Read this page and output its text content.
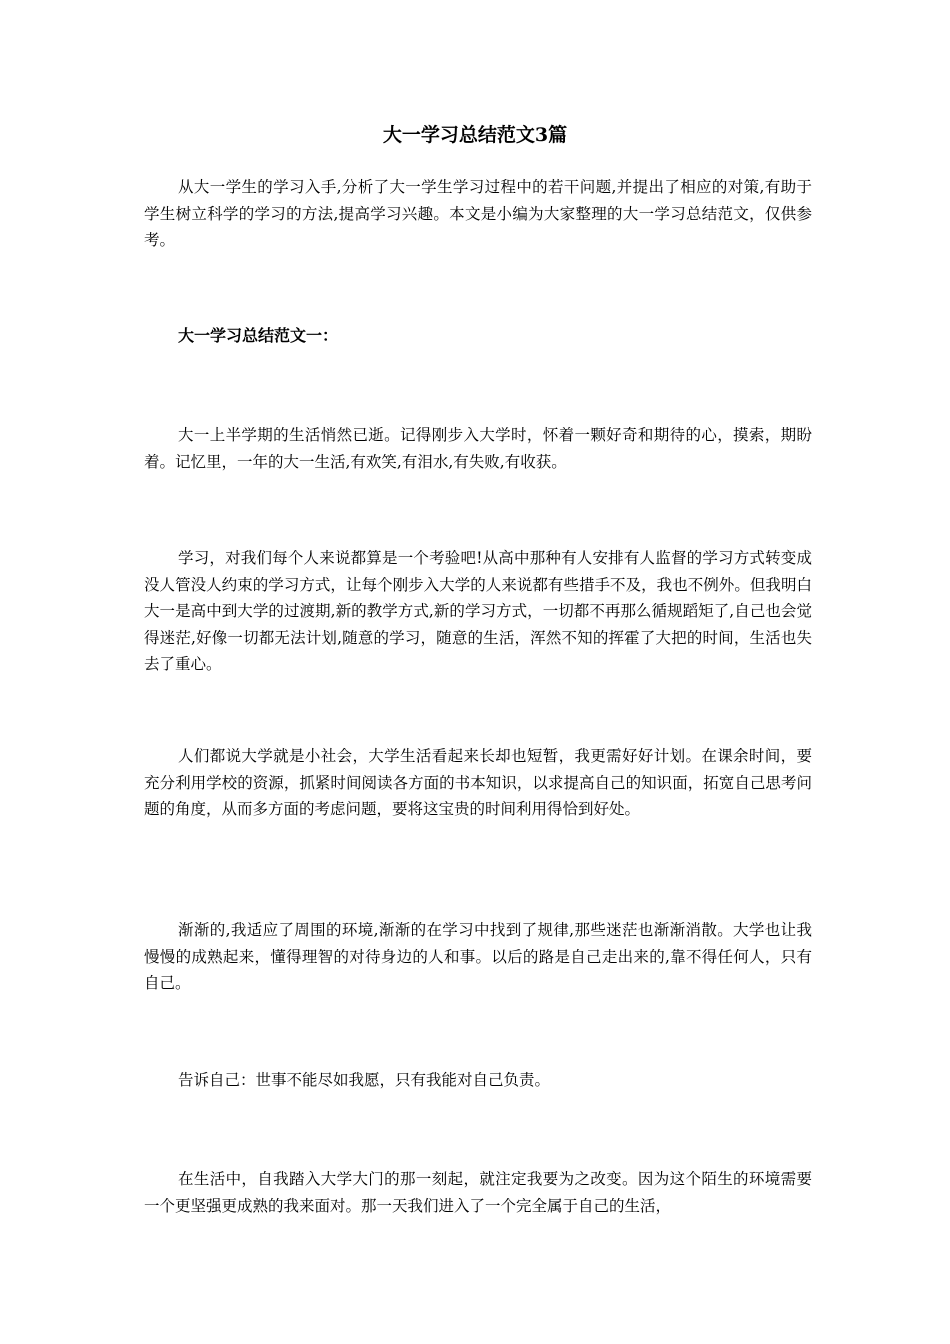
大一学习总结范文3篇

从大一学生的学习入手,分析了大一学生学习过程中的若干问题,并提出了相应的对策,有助于学生树立科学的学习的方法,提高学习兴趣。本文是小编为大家整理的大一学习总结范文，仅供参考。

大一学习总结范文一：

大一上半学期的生活悄然已逝。记得刚步入大学时，怀着一颗好奇和期待的心，摸索，期盼着。记忆里，一年的大一生活,有欢笑,有泪水,有失败,有收获。

学习，对我们每个人来说都算是一个考验吧!从高中那种有人安排有人监督的学习方式转变成没人管没人约束的学习方式，让每个刚步入大学的人来说都有些措手不及，我也不例外。但我明白大一是高中到大学的过渡期,新的教学方式,新的学习方式，一切都不再那么循规蹈矩了,自己也会觉得迷茫,好像一切都无法计划,随意的学习，随意的生活，浑然不知的挥霍了大把的时间，生活也失去了重心。

人们都说大学就是小社会，大学生活看起来长却也短暂，我更需好好计划。在课余时间，要充分利用学校的资源，抓紧时间阅读各方面的书本知识，以求提高自己的知识面，拓宽自己思考问题的角度，从而多方面的考虑问题，要将这宝贵的时间利用得恰到好处。

渐渐的,我适应了周围的环境,渐渐的在学习中找到了规律,那些迷茫也渐渐消散。大学也让我慢慢的成熟起来，懂得理智的对待身边的人和事。以后的路是自己走出来的,靠不得任何人，只有自己。

告诉自己：世事不能尽如我愿，只有我能对自己负责。

在生活中，自我踏入大学大门的那一刻起，就注定我要为之改变。因为这个陌生的环境需要一个更坚强更成熟的我来面对。那一天我们进入了一个完全属于自己的生活，
